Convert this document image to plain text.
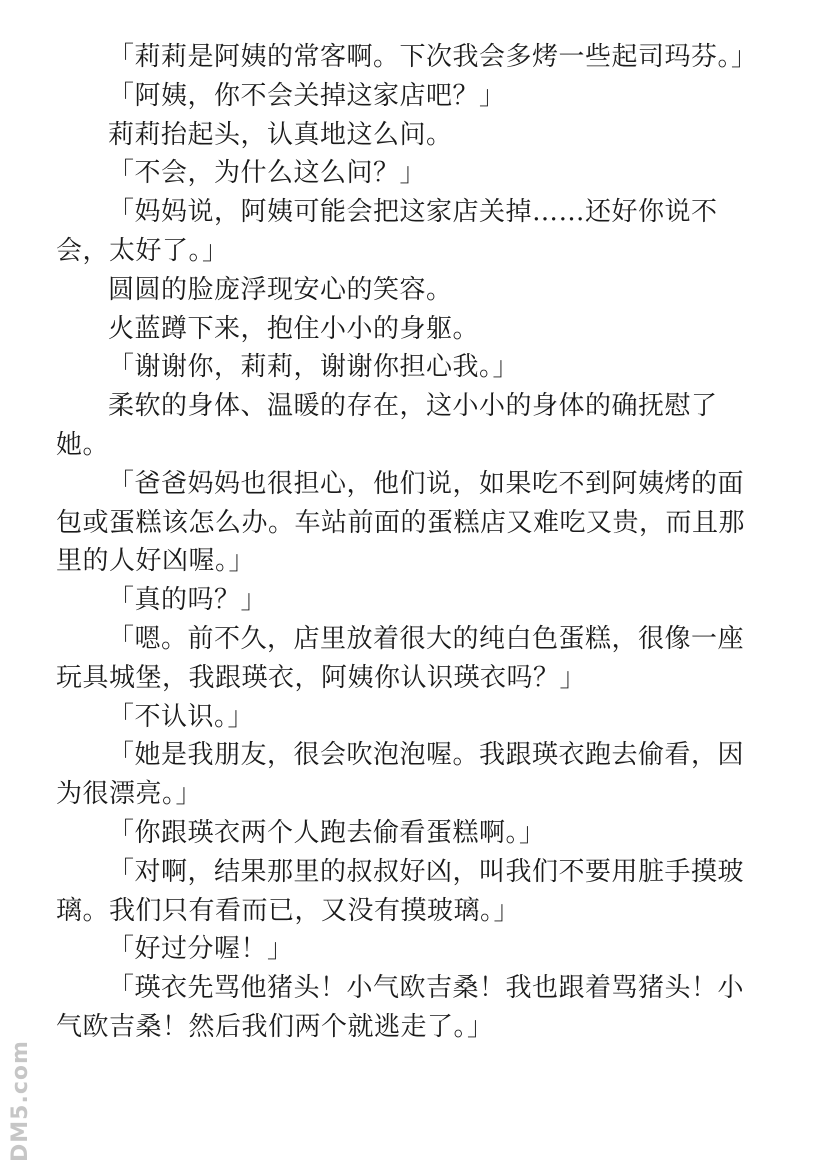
「莉莉是阿姨的常客啊。下次我会多烤一些起司玛芬。」

「阿姨，你不会关掉这家店吧？」

莉莉抬起头，认真地这么问。

「不会，为什么这么问？」

「妈妈说，阿姨可能会把这家店关掉……还好你说不会，太好了。」

圆圆的脸庞浮现安心的笑容。

火蓝蹲下来，抱住小小的身躯。

「谢谢你，莉莉，谢谢你担心我。」

柔软的身体、温暖的存在，这小小的身体的确抚慰了她。

「爸爸妈妈也很担心，他们说，如果吃不到阿姨烤的面包或蛋糕该怎么办。车站前面的蛋糕店又难吃又贵，而且那里的人好凶喔。」

「真的吗？」

「嗯。前不久，店里放着很大的纯白色蛋糕，很像一座玩具城堡，我跟瑛衣，阿姨你认识瑛衣吗？」

「不认识。」

「她是我朋友，很会吹泡泡喔。我跟瑛衣跑去偷看，因为很漂亮。」

「你跟瑛衣两个人跑去偷看蛋糕啊。」

「对啊，结果那里的叔叔好凶，叫我们不要用脏手摸玻璃。我们只有看而已，又没有摸玻璃。」

「好过分喔！」

「瑛衣先骂他猪头！小气欧吉桑！我也跟着骂猪头！小气欧吉桑！然后我们两个就逃走了。」

DM5.com
